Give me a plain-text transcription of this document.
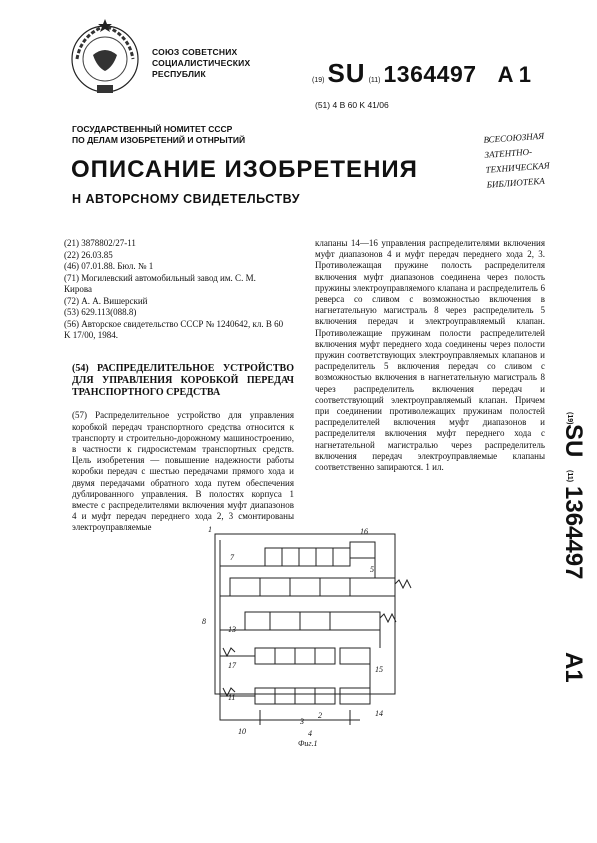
СОЮЗ СОВЕТСНИХ
СОЦИАЛИСТИЧЕСКИХ
РЕСПУБЛИК
(19) SU (11) 1364497 A 1
(51) 4 B 60 K 41/06
ГОСУДАРСТВЕННЫЙ НОМИТЕТ СССР
ПО ДЕЛАМ ИЗОБРЕТЕНИЙ И ОТНРЫТИЙ	ВСЕСОЮЗНАЯ
ЗАТЕНТНО-
ТЕХНИЧЕСКАЯ
БИБЛИОТЕКА
ОПИСАНИЕ ИЗОБРЕТЕНИЯ
Н АВТОРСНОМУ СВИДЕТЕЛЬСТВУ
(21) 3878802/27-11
(22) 26.03.85
(46) 07.01.88. Бюл. № 1
(71) Могилевский автомобильный завод им. С. М. Кирова
(72) А. А. Вишерский
(53) 629.113(088.8)
(56) Авторское свидетельство СССР № 1240642, кл. B 60 K 17/00, 1984.

(54) РАСПРЕДЕЛИТЕЛЬНОЕ УСТРОЙСТВО ДЛЯ УПРАВЛЕНИЯ КОРОБКОЙ ПЕРЕДАЧ ТРАНСПОРТНОГО СРЕДСТВА

(57) Распределительное устройство для управления коробкой передач транспортного средства относится к транспорту и строительно-дорожному машиностроению, в частности к гидросистемам транспортных средств. Цель изобретения — повышение надежности работы коробки передач с шестью передачами прямого хода и двумя передачами обратного хода путем обеспечения дублированного управления. В полостях корпуса 1 вместе с распределителями включения муфт диапазонов 4 и муфт передач переднего хода 2, 3 смонтированы электроуправляемые

клапаны 14—16 управления распределителями включения муфт диапазонов 4 и муфт передач переднего хода 2, 3. Противолежащая пружине полость распределителя включения муфт диапазонов соединена через полость пружины электроуправляемого клапана и распределитель 6 реверса со сливом с возможностью включения в нагнетательную магистраль 8 через распределитель 5 включения передач и электроуправляемый клапан. Противолежащие пружинам полости распределителей включения муфт переднего хода соединены через полости пружин соответствующих электроуправляемых клапанов и распределитель 5 включения передач со сливом с возможностью включения в нагнетательную магистраль 8 через распределитель включения передач и соответствующий электроуправляемый клапан. Причем при соединении противолежащих пружинам полостей распределителей включения муфт диапазонов и распределителя включения муфт переднего хода с нагнетательной магистралью через распределитель включения передач электроуправляемые клапаны соответственно запираются. 1 ил.
(19)
SU
(11)
1364497
A1
1
7
16
5
8
13
17	15
11
14
2
3
4
10
Фиг.1
